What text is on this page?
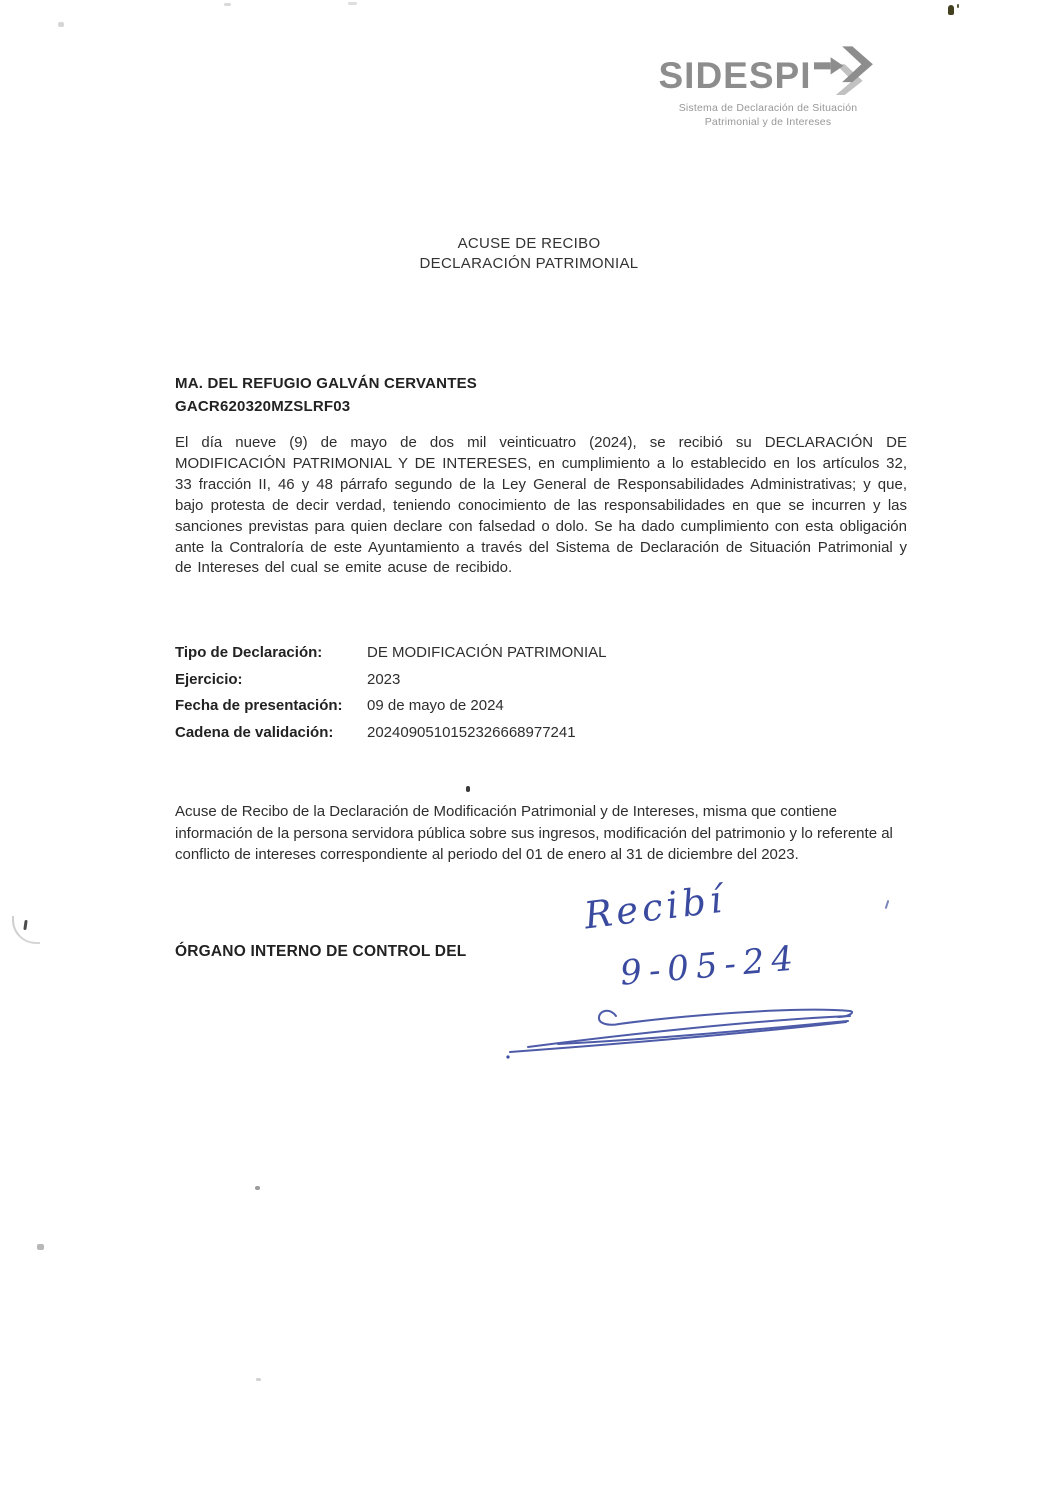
SIDESPI
Sistema de Declaración de Situación
Patrimonial y de Intereses
ACUSE DE RECIBO
DECLARACIÓN PATRIMONIAL
MA. DEL REFUGIO GALVÁN CERVANTES
GACR620320MZSLRF03
El día nueve (9) de mayo de dos mil veinticuatro (2024), se recibió su DECLARACIÓN DE MODIFICACIÓN PATRIMONIAL Y DE INTERESES, en cumplimiento a lo establecido en los artículos 32, 33 fracción II, 46 y 48 párrafo segundo de la Ley General de Responsabilidades Administrativas; y que, bajo protesta de decir verdad, teniendo conocimiento de las responsabilidades en que se incurren y las sanciones previstas para quien declare con falsedad o dolo. Se ha dado cumplimiento con esta obligación ante la Contraloría de este Ayuntamiento a través del Sistema de Declaración de Situación Patrimonial y de Intereses del cual se emite acuse de recibido.
Tipo de Declaración:	DE MODIFICACIÓN PATRIMONIAL
Ejercicio:	2023
Fecha de presentación:	09 de mayo de 2024
Cadena de validación:	2024090510152326668977241
Acuse de Recibo de la Declaración de Modificación Patrimonial y de Intereses, misma que contiene información de la persona servidora pública sobre sus ingresos, modificación del patrimonio y lo referente al conflicto de intereses correspondiente al periodo del 01 de enero al 31 de diciembre del 2023.
ÓRGANO INTERNO DE CONTROL DEL
Recibí
9-05-24
